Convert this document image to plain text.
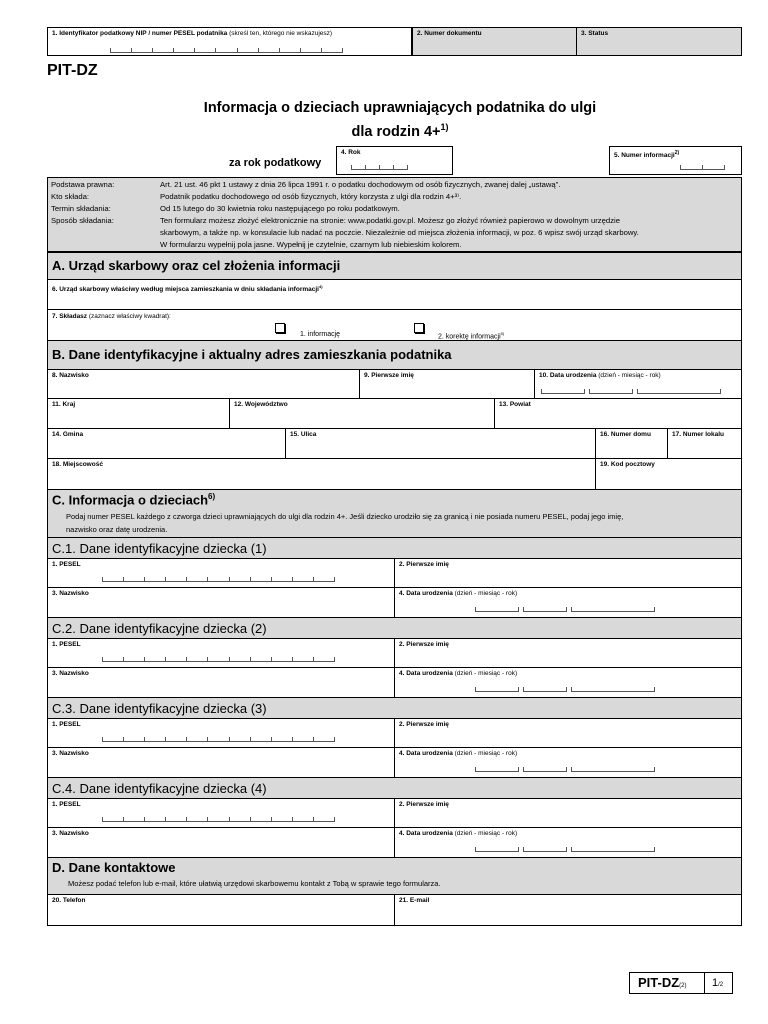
1. Identyfikator podatkowy NIP / numer PESEL podatnika (skreśl ten, którego nie wskazujesz)	2. Numer dokumentu	3. Status
PIT-DZ
Informacja o dzieciach uprawniających podatnika do ulgi
dla rodzin 4+$^{1)}$
za rok podatkowy
4. Rok	5. Numer informacji$^{2)}$
Podstawa prawna:	Art. 21 ust. 46 pkt 1 ustawy z dnia 26 lipca 1991 r. o podatku dochodowym od osób fizycznych, zwanej dalej „ustawą”.
Kto składa:	Podatnik podatku dochodowego od osób fizycznych, który korzysta z ulgi dla rodzin 4+³⁾.
Termin składania:	Od 15 lutego do 30 kwietnia roku następującego po roku podatkowym.
Sposób składania:	Ten formularz możesz złożyć elektronicznie na stronie: www.podatki.gov.pl. Możesz go złożyć również papierowo w dowolnym urzędzie
skarbowym, a także np. w konsulacie lub nadać na poczcie. Niezależnie od miejsca złożenia informacji, w poz. 6 wpisz swój urząd skarbowy.
W formularzu wypełnij pola jasne. Wypełnij je czytelnie, czarnym lub niebieskim kolorem.
A. Urząd skarbowy oraz cel złożenia informacji
6. Urząd skarbowy właściwy według miejsca zamieszkania w dniu składania informacji$^{4)}$
7. Składasz (zaznacz właściwy kwadrat):
1. informację	2. korektę informacji$^{5)}$
B. Dane identyfikacyjne i aktualny adres zamieszkania podatnika
8. Nazwisko	9. Pierwsze imię	10. Data urodzenia (dzień - miesiąc - rok)
11. Kraj	12. Województwo	13. Powiat
14. Gmina	15. Ulica	16. Numer domu	17. Numer lokalu
18. Miejscowość	19. Kod pocztowy
C. Informacja o dzieciach$^{6)}$
Podaj numer PESEL każdego z czworga dzieci uprawniających do ulgi dla rodzin 4+. Jeśli dziecko urodziło się za granicą i nie posiada numeru PESEL, podaj jego imię,
nazwisko oraz datę urodzenia.
C.1. Dane identyfikacyjne dziecka (1)
1. PESEL	2. Pierwsze imię
3. Nazwisko	4. Data urodzenia (dzień - miesiąc - rok)
C.2. Dane identyfikacyjne dziecka (2)
1. PESEL	2. Pierwsze imię
3. Nazwisko	4. Data urodzenia (dzień - miesiąc - rok)
C.3. Dane identyfikacyjne dziecka (3)
1. PESEL	2. Pierwsze imię
3. Nazwisko	4. Data urodzenia (dzień - miesiąc - rok)
C.4. Dane identyfikacyjne dziecka (4)
1. PESEL	2. Pierwsze imię
3. Nazwisko	4. Data urodzenia (dzień - miesiąc - rok)
D. Dane kontaktowe
Możesz podać telefon lub e-mail, które ułatwią urzędowi skarbowemu kontakt z Tobą w sprawie tego formularza.
20. Telefon	21. E-mail
PIT-DZ(2) 1/2
